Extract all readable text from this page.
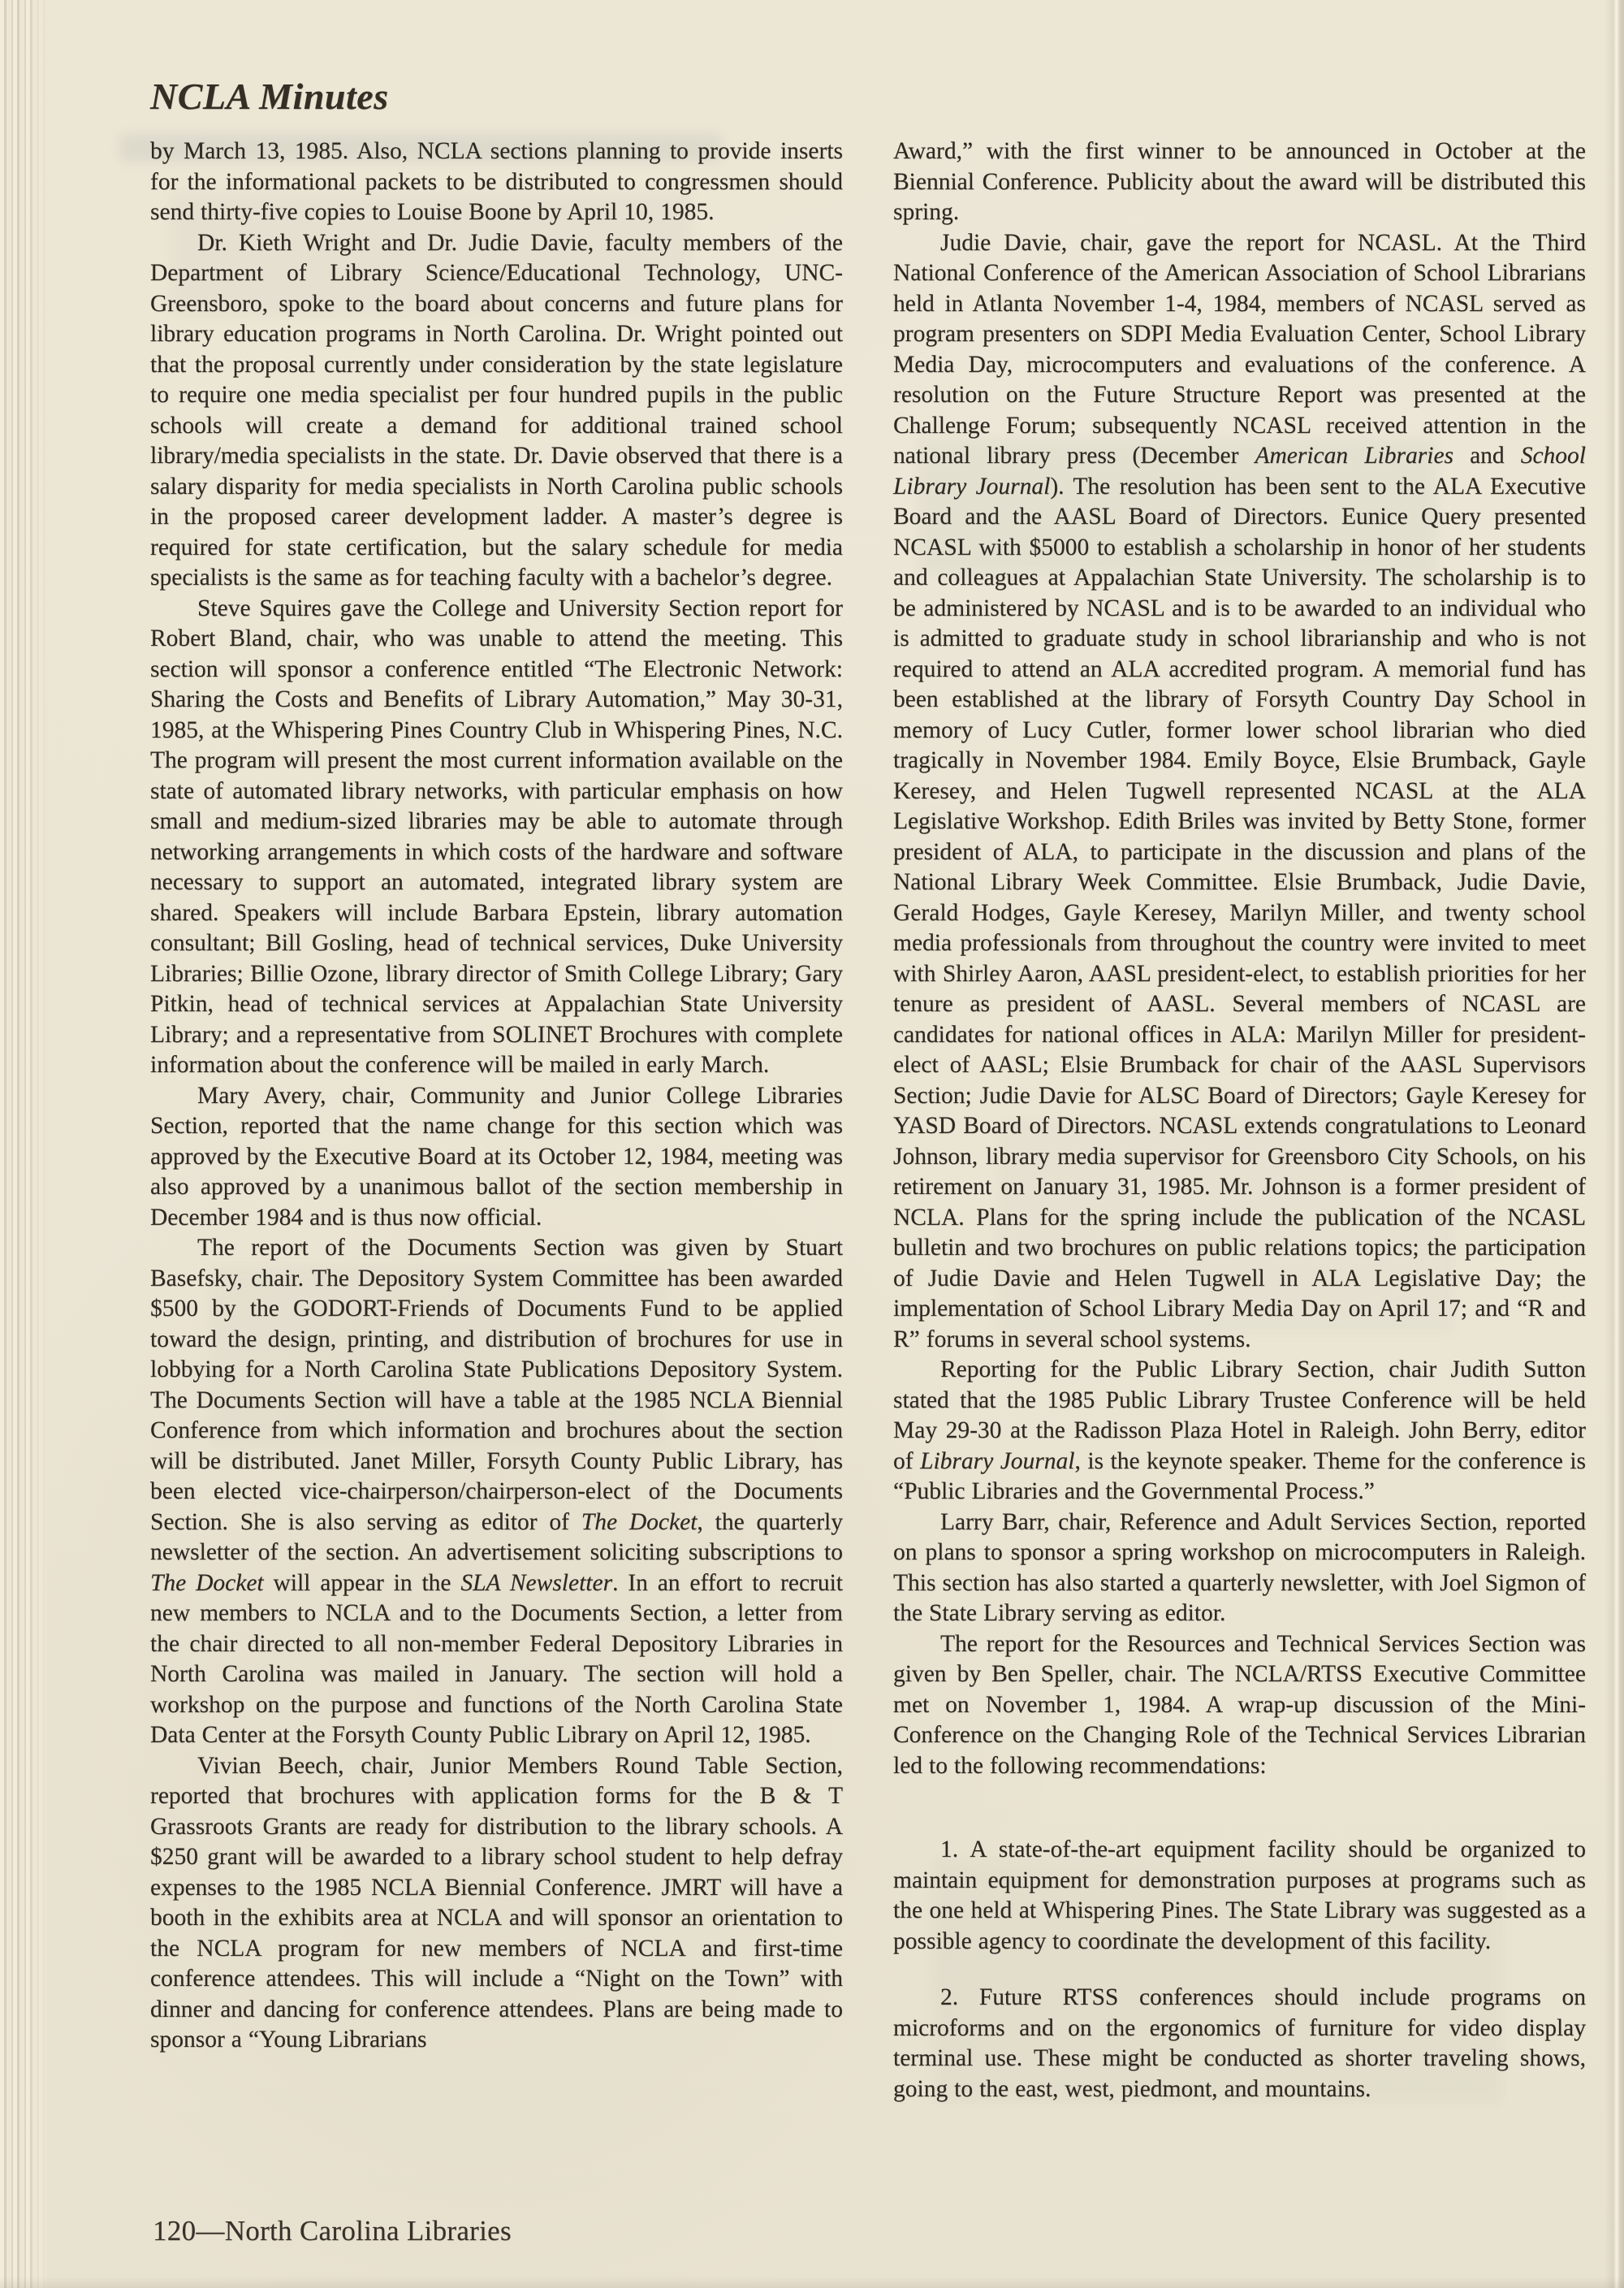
NCLA Minutes

by March 13, 1985. Also, NCLA sections planning to provide inserts for the informational packets to be distributed to congressmen should send thirty-five copies to Louise Boone by April 10, 1985.

Dr. Kieth Wright and Dr. Judie Davie, faculty members of the Department of Library Science/Educational Technology, UNC-Greensboro, spoke to the board about concerns and future plans for library education programs in North Carolina. Dr. Wright pointed out that the proposal currently under consideration by the state legislature to require one media specialist per four hundred pupils in the public schools will create a demand for additional trained school library/media specialists in the state. Dr. Davie observed that there is a salary disparity for media specialists in North Carolina public schools in the proposed career development ladder. A master’s degree is required for state certification, but the salary schedule for media specialists is the same as for teaching faculty with a bachelor’s degree.

Steve Squires gave the College and University Section report for Robert Bland, chair, who was unable to attend the meeting. This section will sponsor a conference entitled “The Electronic Network: Sharing the Costs and Benefits of Library Automation,” May 30-31, 1985, at the Whispering Pines Country Club in Whispering Pines, N.C. The program will present the most current information available on the state of automated library networks, with particular emphasis on how small and medium-sized libraries may be able to automate through networking arrangements in which costs of the hardware and software necessary to support an automated, integrated library system are shared. Speakers will include Barbara Epstein, library automation consultant; Bill Gosling, head of technical services, Duke University Libraries; Billie Ozone, library director of Smith College Library; Gary Pitkin, head of technical services at Appalachian State University Library; and a representative from SOLINET Brochures with complete information about the conference will be mailed in early March.

Mary Avery, chair, Community and Junior College Libraries Section, reported that the name change for this section which was approved by the Executive Board at its October 12, 1984, meeting was also approved by a unanimous ballot of the section membership in December 1984 and is thus now official.

The report of the Documents Section was given by Stuart Basefsky, chair. The Depository System Committee has been awarded $500 by the GODORT-Friends of Documents Fund to be applied toward the design, printing, and distribution of brochures for use in lobbying for a North Carolina State Publications Depository System. The Documents Section will have a table at the 1985 NCLA Biennial Conference from which information and brochures about the section will be distributed. Janet Miller, Forsyth County Public Library, has been elected vice-chairperson/chairperson-elect of the Documents Section. She is also serving as editor of The Docket, the quarterly newsletter of the section. An advertisement soliciting subscriptions to The Docket will appear in the SLA Newsletter. In an effort to recruit new members to NCLA and to the Documents Section, a letter from the chair directed to all non-member Federal Depository Libraries in North Carolina was mailed in January. The section will hold a workshop on the purpose and functions of the North Carolina State Data Center at the Forsyth County Public Library on April 12, 1985.

Vivian Beech, chair, Junior Members Round Table Section, reported that brochures with application forms for the B & T Grassroots Grants are ready for distribution to the library schools. A $250 grant will be awarded to a library school student to help defray expenses to the 1985 NCLA Biennial Conference. JMRT will have a booth in the exhibits area at NCLA and will sponsor an orientation to the NCLA program for new members of NCLA and first-time conference attendees. This will include a “Night on the Town” with dinner and dancing for conference attendees. Plans are being made to sponsor a “Young Librarians

Award,” with the first winner to be announced in October at the Biennial Conference. Publicity about the award will be distributed this spring.

Judie Davie, chair, gave the report for NCASL. At the Third National Conference of the American Association of School Librarians held in Atlanta November 1-4, 1984, members of NCASL served as program presenters on SDPI Media Evaluation Center, School Library Media Day, microcomputers and evaluations of the conference. A resolution on the Future Structure Report was presented at the Challenge Forum; subsequently NCASL received attention in the national library press (December American Libraries and School Library Journal). The resolution has been sent to the ALA Executive Board and the AASL Board of Directors. Eunice Query presented NCASL with $5000 to establish a scholarship in honor of her students and colleagues at Appalachian State University. The scholarship is to be administered by NCASL and is to be awarded to an individual who is admitted to graduate study in school librarianship and who is not required to attend an ALA accredited program. A memorial fund has been established at the library of Forsyth Country Day School in memory of Lucy Cutler, former lower school librarian who died tragically in November 1984. Emily Boyce, Elsie Brumback, Gayle Keresey, and Helen Tugwell represented NCASL at the ALA Legislative Workshop. Edith Briles was invited by Betty Stone, former president of ALA, to participate in the discussion and plans of the National Library Week Committee. Elsie Brumback, Judie Davie, Gerald Hodges, Gayle Keresey, Marilyn Miller, and twenty school media professionals from throughout the country were invited to meet with Shirley Aaron, AASL president-elect, to establish priorities for her tenure as president of AASL. Several members of NCASL are candidates for national offices in ALA: Marilyn Miller for president-elect of AASL; Elsie Brumback for chair of the AASL Supervisors Section; Judie Davie for ALSC Board of Directors; Gayle Keresey for YASD Board of Directors. NCASL extends congratulations to Leonard Johnson, library media supervisor for Greensboro City Schools, on his retirement on January 31, 1985. Mr. Johnson is a former president of NCLA. Plans for the spring include the publication of the NCASL bulletin and two brochures on public relations topics; the participation of Judie Davie and Helen Tugwell in ALA Legislative Day; the implementation of School Library Media Day on April 17; and “R and R” forums in several school systems.

Reporting for the Public Library Section, chair Judith Sutton stated that the 1985 Public Library Trustee Conference will be held May 29-30 at the Radisson Plaza Hotel in Raleigh. John Berry, editor of Library Journal, is the keynote speaker. Theme for the conference is “Public Libraries and the Governmental Process.”

Larry Barr, chair, Reference and Adult Services Section, reported on plans to sponsor a spring workshop on microcomputers in Raleigh. This section has also started a quarterly newsletter, with Joel Sigmon of the State Library serving as editor.

The report for the Resources and Technical Services Section was given by Ben Speller, chair. The NCLA/RTSS Executive Committee met on November 1, 1984. A wrap-up discussion of the Mini-Conference on the Changing Role of the Technical Services Librarian led to the following recommendations:

1. A state-of-the-art equipment facility should be organized to maintain equipment for demonstration purposes at programs such as the one held at Whispering Pines. The State Library was suggested as a possible agency to coordinate the development of this facility.

2. Future RTSS conferences should include programs on microforms and on the ergonomics of furniture for video display terminal use. These might be conducted as shorter traveling shows, going to the east, west, piedmont, and mountains.

120—North Carolina Libraries
